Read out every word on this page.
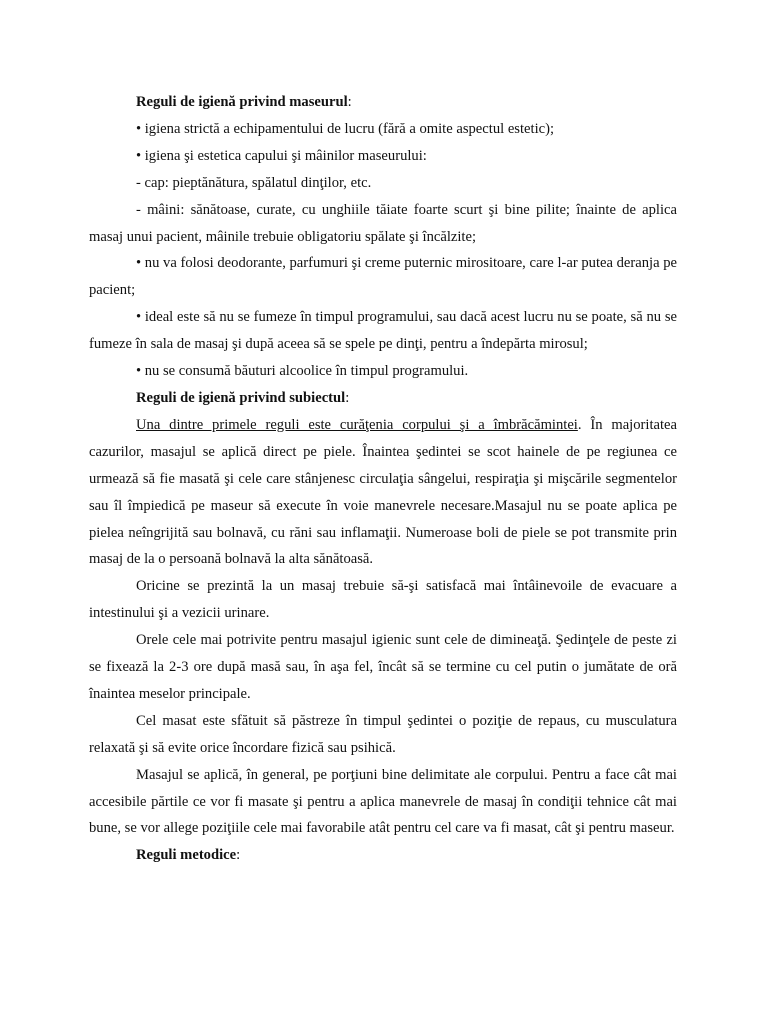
Reguli de igienă privind maseurul:

• igiena strictă a echipamentului de lucru (fără a omite aspectul estetic);

• igiena şi estetica capului şi mâinilor maseurului:

- cap: pieptănătura, spălatul dinţilor, etc.

- mâini: sănătoase, curate, cu unghiile tăiate foarte scurt şi bine pilite; înainte de aplica masaj unui pacient, mâinile trebuie obligatoriu spălate şi încălzite;

• nu va folosi deodorante, parfumuri şi creme puternic mirositoare, care l-ar putea deranja pe pacient;

• ideal este să nu se fumeze în timpul programului, sau dacă acest lucru nu se poate, să nu se fumeze în sala de masaj şi după aceea să se spele pe dinţi, pentru a îndepărta mirosul;

• nu se consumă băuturi alcoolice în timpul programului.

Reguli de igienă privind subiectul:

Una dintre primele reguli este curăţenia corpului şi a îmbrăcămintei. În majoritatea cazurilor, masajul se aplică direct pe piele. Înaintea şedintei se scot hainele de pe regiunea ce urmează să fie masată şi cele care stânjenesc circulaţia sângelui, respiraţia şi mişcările segmentelor sau îl împiedică pe maseur să execute în voie manevrele necesare.Masajul nu se poate aplica pe pielea neîngrijită sau bolnavă, cu răni sau inflamaţii. Numeroase boli de piele se pot transmite prin masaj de la o persoană bolnavă la alta sănătoasă.

Oricine se prezintă la un masaj trebuie să-şi satisfacă mai întâinevoile de evacuare a intestinului şi a vezicii urinare.

Orele cele mai potrivite pentru masajul igienic sunt cele de dimineaţă. Şedinţele de peste zi se fixează la 2-3 ore după masă sau, în aşa fel, încât să se termine cu cel putin o jumătate de oră înaintea meselor principale.

Cel masat este sfătuit să păstreze în timpul şedintei o poziţie de repaus, cu musculatura relaxată şi să evite orice încordare fizică sau psihică.

Masajul se aplică, în general, pe porţiuni bine delimitate ale corpului. Pentru a face cât mai accesibile părtile ce vor fi masate şi pentru a aplica manevrele de masaj în condiţii tehnice cât mai bune, se vor allege poziţiile cele mai favorabile atât pentru cel care va fi masat, cât şi pentru maseur.

Reguli metodice:
